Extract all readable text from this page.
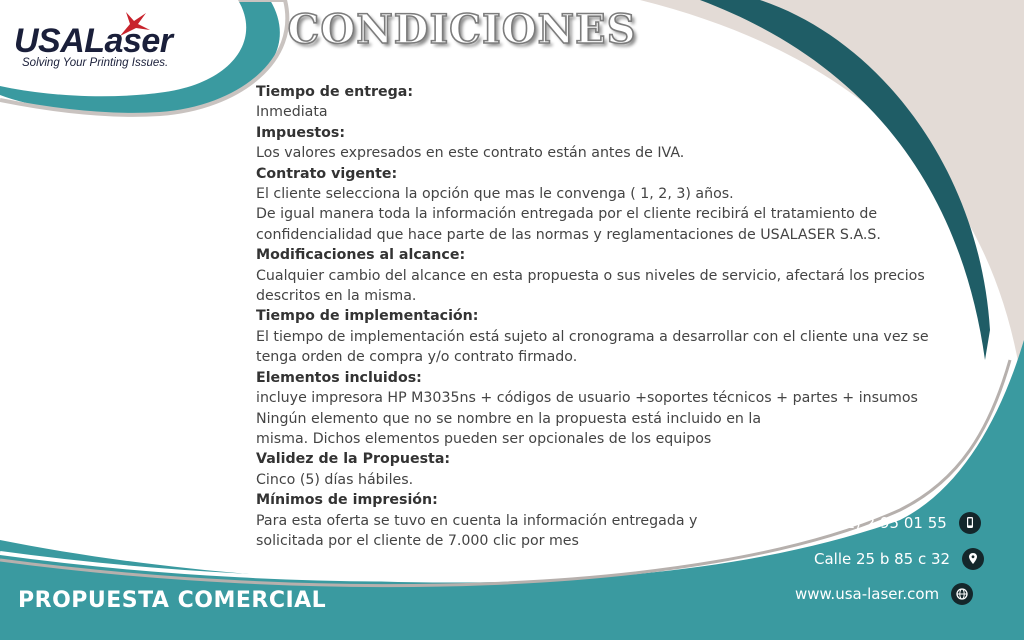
USALaser
Solving Your Printing Issues.
CONDICIONES
Tiempo de entrega:
Inmediata
Impuestos:
Los valores expresados en este contrato están antes de IVA.
Contrato vigente:
El cliente selecciona la opción que mas le convenga ( 1, 2, 3) años.
De igual manera toda la información entregada por el cliente recibirá el tratamiento de
confidencialidad que hace parte de las normas y reglamentaciones de USALASER S.A.S.
Modificaciones al alcance:
Cualquier cambio del alcance en esta propuesta o sus niveles de servicio, afectará los precios
descritos en la misma.
Tiempo de implementación:
El tiempo de implementación está sujeto al cronograma a desarrollar con el cliente una vez se
tenga orden de compra y/o contrato firmado.
Elementos incluidos:
incluye impresora HP M3035ns + códigos de usuario +soportes técnicos + partes + insumos
Ningún elemento que no se nombre en la propuesta está incluido en la
misma. Dichos elementos pueden ser opcionales de los equipos
Validez de la Propuesta:
Cinco (5) días hábiles.
Mínimos de impresión:
Para esta oferta se tuvo en cuenta la información entregada y
solicitada por el cliente de 7.000 clic por mes
(+571) 2 95 01 55
Calle 25 b 85 c 32
www.usa-laser.com
PROPUESTA COMERCIAL
